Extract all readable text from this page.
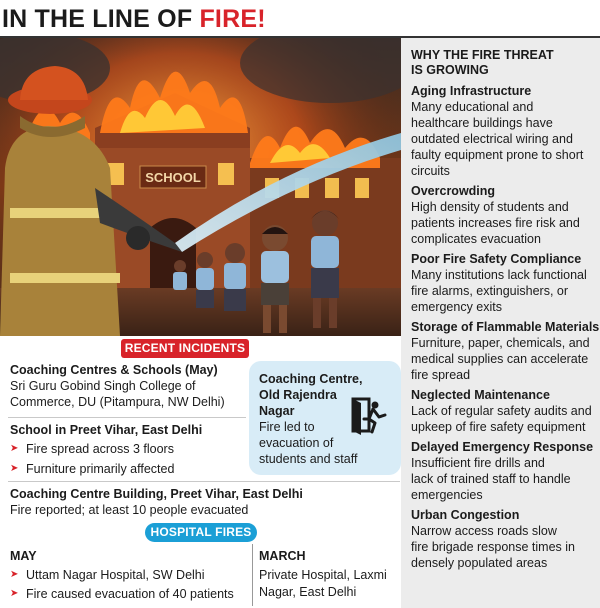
IN THE LINE OF FIRE!
SCHOOL
WHY THE FIRE THREAT IS GROWING
Aging Infrastructure
Many educational and
healthcare buildings have
outdated electrical wiring and
faulty equipment prone to short
circuits
Overcrowding
High density of students and
patients increases fire risk and
complicates evacuation
Poor Fire Safety Compliance
Many institutions lack functional
fire alarms, extinguishers, or
emergency exits
Storage of Flammable Materials
Furniture, paper, chemicals, and
medical supplies can accelerate
fire spread
Neglected Maintenance
Lack of regular safety audits and
upkeep of fire safety equipment
Delayed Emergency Response
Insufficient fire drills and
lack of trained staff to handle
emergencies
Urban Congestion
Narrow access roads slow
fire brigade response times in
densely populated areas
RECENT INCIDENTS
Coaching Centres & Schools (May)
Sri Guru Gobind Singh College of
Commerce, DU (Pitampura, NW Delhi)
School in Preet Vihar, East Delhi
➤ Fire spread across 3 floors
➤ Furniture primarily affected
Coaching Centre,
Old Rajendra
Nagar
Fire led to
evacuation of
students and staff
Coaching Centre Building, Preet Vihar, East Delhi
Fire reported; at least 10 people evacuated
HOSPITAL FIRES
MAY
➤ Uttam Nagar Hospital, SW Delhi
➤ Fire caused evacuation of 40 patients
MARCH
Private Hospital, Laxmi
Nagar, East Delhi
